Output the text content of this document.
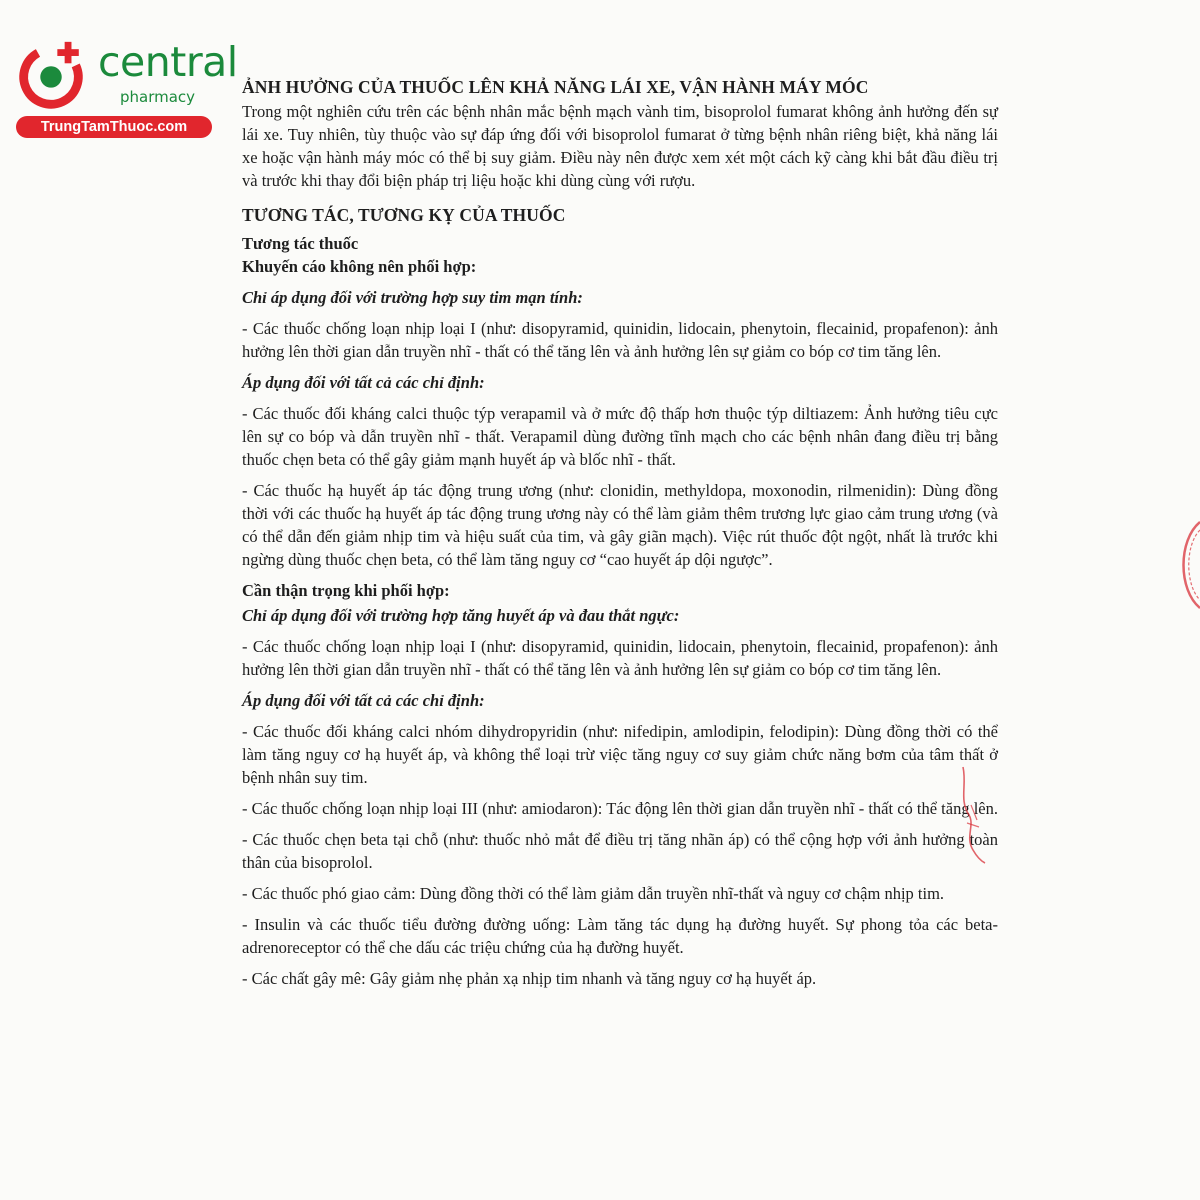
central
pharmacy
TrungTamThuoc.com
ẢNH HƯỞNG CỦA THUỐC LÊN KHẢ NĂNG LÁI XE, VẬN HÀNH MÁY MÓC
Trong một nghiên cứu trên các bệnh nhân mắc bệnh mạch vành tim, bisoprolol fumarat không ảnh hưởng đến sự lái xe. Tuy nhiên, tùy thuộc vào sự đáp ứng đối với bisoprolol fumarat ở từng bệnh nhân riêng biệt, khả năng lái xe hoặc vận hành máy móc có thể bị suy giảm. Điều này nên được xem xét một cách kỹ càng khi bắt đầu điều trị và trước khi thay đổi biện pháp trị liệu hoặc khi dùng cùng với rượu.
TƯƠNG TÁC, TƯƠNG KỴ CỦA THUỐC
Tương tác thuốc
Khuyến cáo không nên phối hợp:
Chỉ áp dụng đối với trường hợp suy tim mạn tính:
- Các thuốc chống loạn nhịp loại I (như: disopyramid, quinidin, lidocain, phenytoin, flecainid, propafenon): ảnh hưởng lên thời gian dẫn truyền nhĩ - thất có thể tăng lên và ảnh hưởng lên sự giảm co bóp cơ tim tăng lên.
Áp dụng đối với tất cả các chỉ định:
- Các thuốc đối kháng calci thuộc týp verapamil và ở mức độ thấp hơn thuộc týp diltiazem: Ảnh hưởng tiêu cực lên sự co bóp và dẫn truyền nhĩ - thất. Verapamil dùng đường tĩnh mạch cho các bệnh nhân đang điều trị bằng thuốc chẹn beta có thể gây giảm mạnh huyết áp và blốc nhĩ - thất.
- Các thuốc hạ huyết áp tác động trung ương (như: clonidin, methyldopa, moxonodin, rilmenidin): Dùng đồng thời với các thuốc hạ huyết áp tác động trung ương này có thể làm giảm thêm trương lực giao cảm trung ương (và có thể dẫn đến giảm nhịp tim và hiệu suất của tim, và gây giãn mạch). Việc rút thuốc đột ngột, nhất là trước khi ngừng dùng thuốc chẹn beta, có thể làm tăng nguy cơ “cao huyết áp dội ngược”.
Cần thận trọng khi phối hợp:
Chỉ áp dụng đối với trường hợp tăng huyết áp và đau thắt ngực:
- Các thuốc chống loạn nhịp loại I (như: disopyramid, quinidin, lidocain, phenytoin, flecainid, propafenon): ảnh hưởng lên thời gian dẫn truyền nhĩ - thất có thể tăng lên và ảnh hưởng lên sự giảm co bóp cơ tim tăng lên.
Áp dụng đối với tất cả các chỉ định:
- Các thuốc đối kháng calci nhóm dihydropyridin (như: nifedipin, amlodipin, felodipin): Dùng đồng thời có thể làm tăng nguy cơ hạ huyết áp, và không thể loại trừ việc tăng nguy cơ suy giảm chức năng bơm của tâm thất ở bệnh nhân suy tim.
- Các thuốc chống loạn nhịp loại III (như: amiodaron): Tác động lên thời gian dẫn truyền nhĩ - thất có thể tăng lên.
- Các thuốc chẹn beta tại chỗ (như: thuốc nhỏ mắt để điều trị tăng nhãn áp) có thể cộng hợp với ảnh hưởng toàn thân của bisoprolol.
- Các thuốc phó giao cảm: Dùng đồng thời có thể làm giảm dẫn truyền nhĩ-thất và nguy cơ chậm nhịp tim.
- Insulin và các thuốc tiểu đường đường uống: Làm tăng tác dụng hạ đường huyết. Sự phong tỏa các beta-adrenoreceptor có thể che dấu các triệu chứng của hạ đường huyết.
- Các chất gây mê: Gây giảm nhẹ phản xạ nhịp tim nhanh và tăng nguy cơ hạ huyết áp.
